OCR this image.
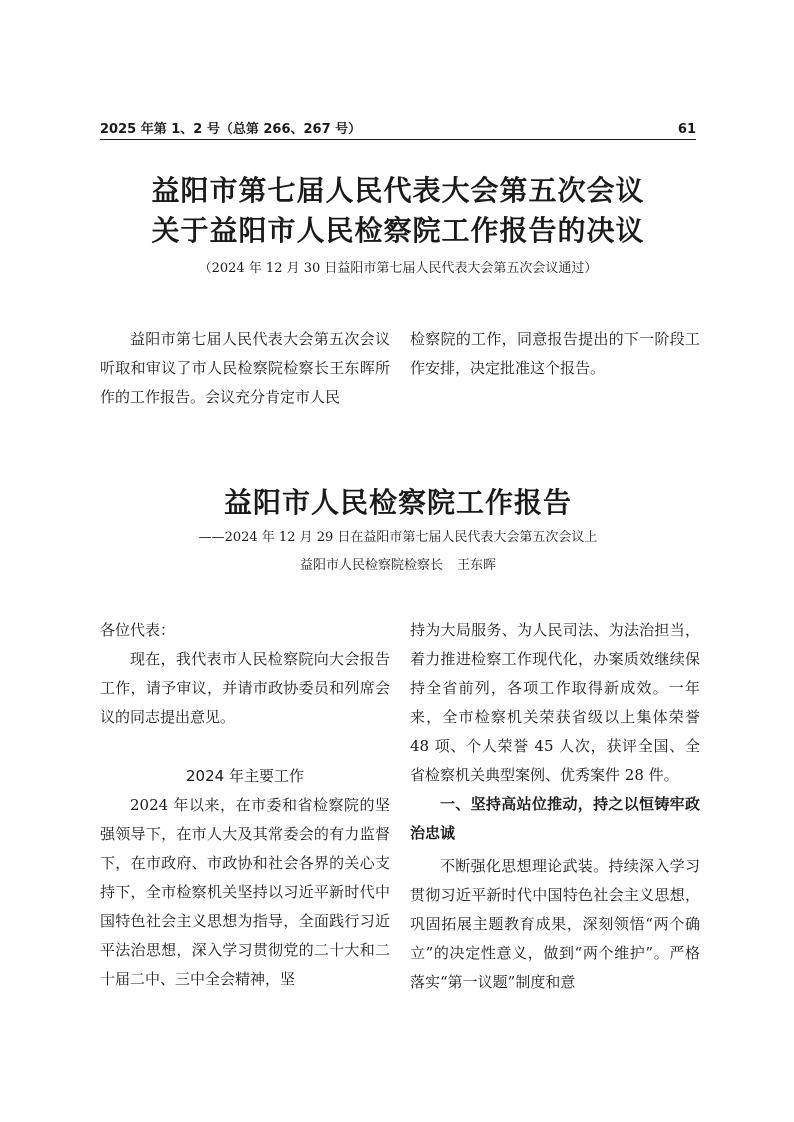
2025 年第 1、2 号（总第 266、267 号）	61
益阳市第七届人民代表大会第五次会议
关于益阳市人民检察院工作报告的决议
（2024 年 12 月 30 日益阳市第七届人民代表大会第五次会议通过）

益阳市第七届人民代表大会第五次会议听取和审议了市人民检察院检察长王东晖所作的工作报告。会议充分肯定市人民

检察院的工作，同意报告提出的下一阶段工作安排，决定批准这个报告。

益阳市人民检察院工作报告
——2024 年 12 月 29 日在益阳市第七届人民代表大会第五次会议上
益阳市人民检察院检察长 王东晖

各位代表：

现在，我代表市人民检察院向大会报告工作，请予审议，并请市政协委员和列席会议的同志提出意见。

2024 年主要工作

2024 年以来，在市委和省检察院的坚强领导下，在市人大及其常委会的有力监督下，在市政府、市政协和社会各界的关心支持下，全市检察机关坚持以习近平新时代中国特色社会主义思想为指导，全面践行习近平法治思想，深入学习贯彻党的二十大和二十届二中、三中全会精神，坚

持为大局服务、为人民司法、为法治担当，着力推进检察工作现代化，办案质效继续保持全省前列，各项工作取得新成效。一年来，全市检察机关荣获省级以上集体荣誉 48 项、个人荣誉 45 人次，获评全国、全省检察机关典型案例、优秀案件 28 件。

一、坚持高站位推动，持之以恒铸牢政治忠诚

不断强化思想理论武装。持续深入学习贯彻习近平新时代中国特色社会主义思想，巩固拓展主题教育成果，深刻领悟“两个确立”的决定性意义，做到“两个维护”。严格落实“第一议题”制度和意
